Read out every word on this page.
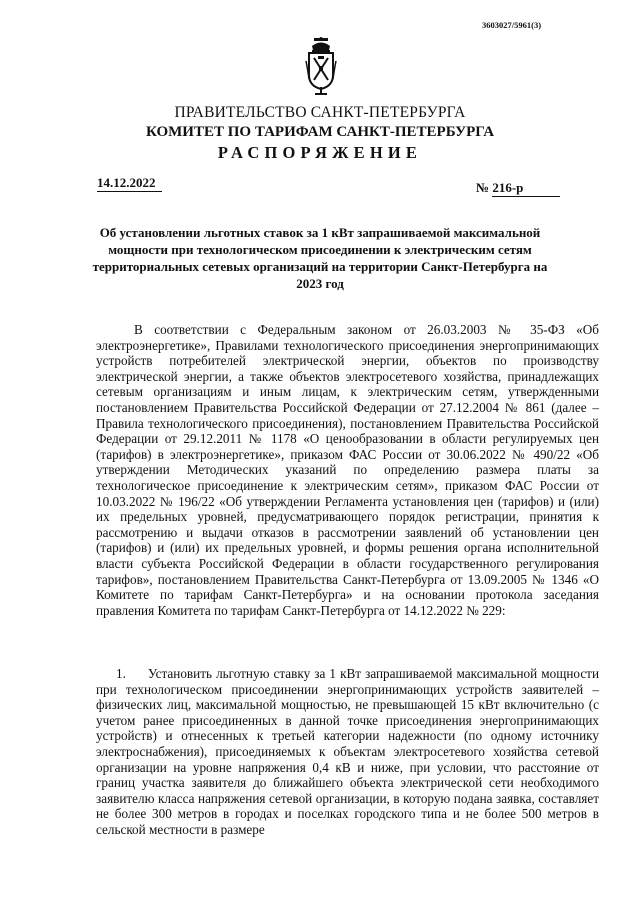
3603027/5961(3)
ПРАВИТЕЛЬСТВО САНКТ-ПЕТЕРБУРГА
КОМИТЕТ ПО ТАРИФАМ САНКТ-ПЕТЕРБУРГА
РАСПОРЯЖЕНИЕ
14.12.2022	№ 216-р
Об установлении льготных ставок за 1 кВт запрашиваемой максимальной мощности при технологическом присоединении к электрическим сетям территориальных сетевых организаций на территории Санкт-Петербурга на 2023 год

В соответствии с Федеральным законом от 26.03.2003 № 35-ФЗ «Об электроэнергетике», Правилами технологического присоединения энергопринимающих устройств потребителей электрической энергии, объектов по производству электрической энергии, а также объектов электросетевого хозяйства, принадлежащих сетевым организациям и иным лицам, к электрическим сетям, утвержденными постановлением Правительства Российской Федерации от 27.12.2004 № 861 (далее – Правила технологического присоединения), постановлением Правительства Российской Федерации от 29.12.2011 № 1178 «О ценообразовании в области регулируемых цен (тарифов) в электроэнергетике», приказом ФАС России от 30.06.2022 № 490/22 «Об утверждении Методических указаний по определению размера платы за технологическое присоединение к электрическим сетям», приказом ФАС России от 10.03.2022 № 196/22 «Об утверждении Регламента установления цен (тарифов) и (или) их предельных уровней, предусматривающего порядок регистрации, принятия к рассмотрению и выдачи отказов в рассмотрении заявлений об установлении цен (тарифов) и (или) их предельных уровней, и формы решения органа исполнительной власти субъекта Российской Федерации в области государственного регулирования тарифов», постановлением Правительства Санкт-Петербурга от 13.09.2005 № 1346 «О Комитете по тарифам Санкт-Петербурга» и на основании протокола заседания правления Комитета по тарифам Санкт-Петербурга от 14.12.2022 № 229:

1. Установить льготную ставку за 1 кВт запрашиваемой максимальной мощности при технологическом присоединении энергопринимающих устройств заявителей – физических лиц, максимальной мощностью, не превышающей 15 кВт включительно (с учетом ранее присоединенных в данной точке присоединения энергопринимающих устройств) и отнесенных к третьей категории надежности (по одному источнику электроснабжения), присоединяемых к объектам электросетевого хозяйства сетевой организации на уровне напряжения 0,4 кВ и ниже, при условии, что расстояние от границ участка заявителя до ближайшего объекта электрической сети необходимого заявителю класса напряжения сетевой организации, в которую подана заявка, составляет не более 300 метров в городах и поселках городского типа и не более 500 метров в сельской местности в размере
